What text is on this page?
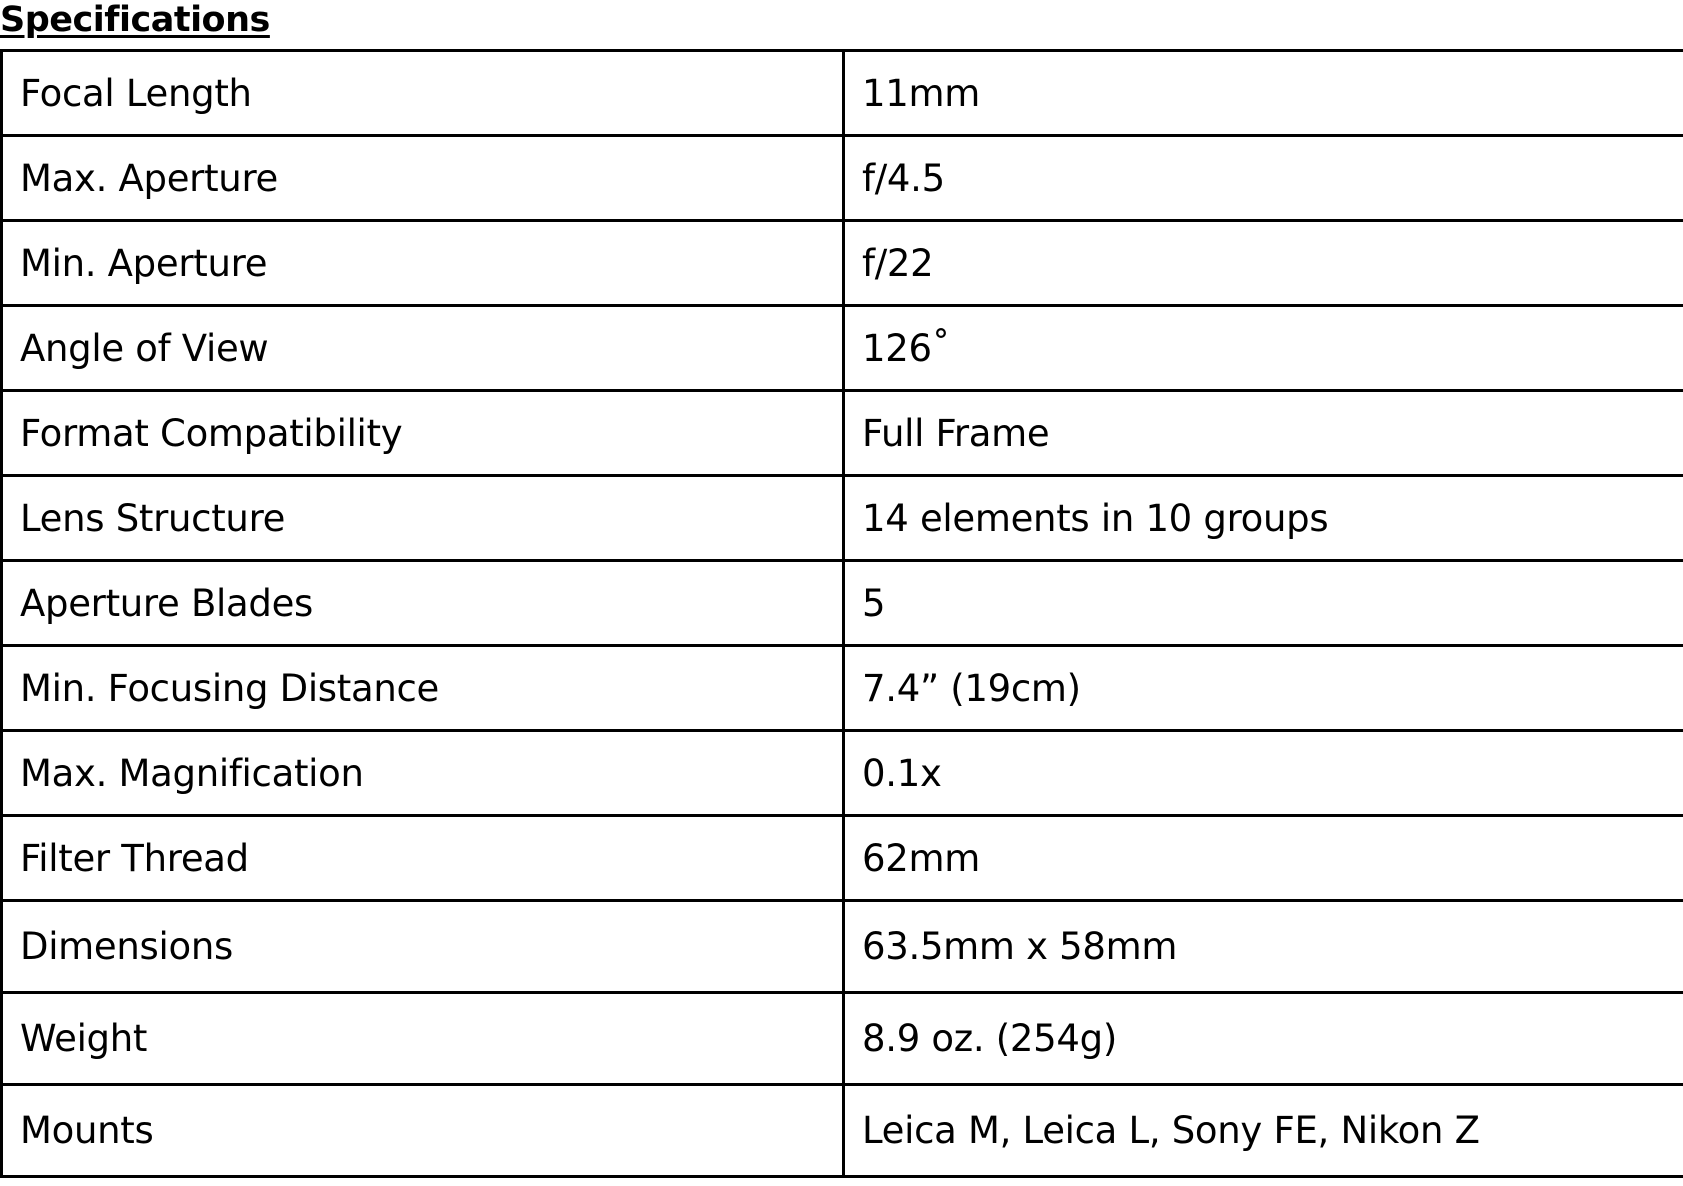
Specifications
Focal Length	11mm
Max. Aperture	f/4.5
Min. Aperture	f/22
Angle of View	126˚
Format Compatibility	Full Frame
Lens Structure	14 elements in 10 groups
Aperture Blades	5
Min. Focusing Distance	7.4” (19cm)
Max. Magnification	0.1x
Filter Thread	62mm
Dimensions	63.5mm x 58mm
Weight	8.9 oz. (254g)
Mounts	Leica M, Leica L, Sony FE, Nikon Z
